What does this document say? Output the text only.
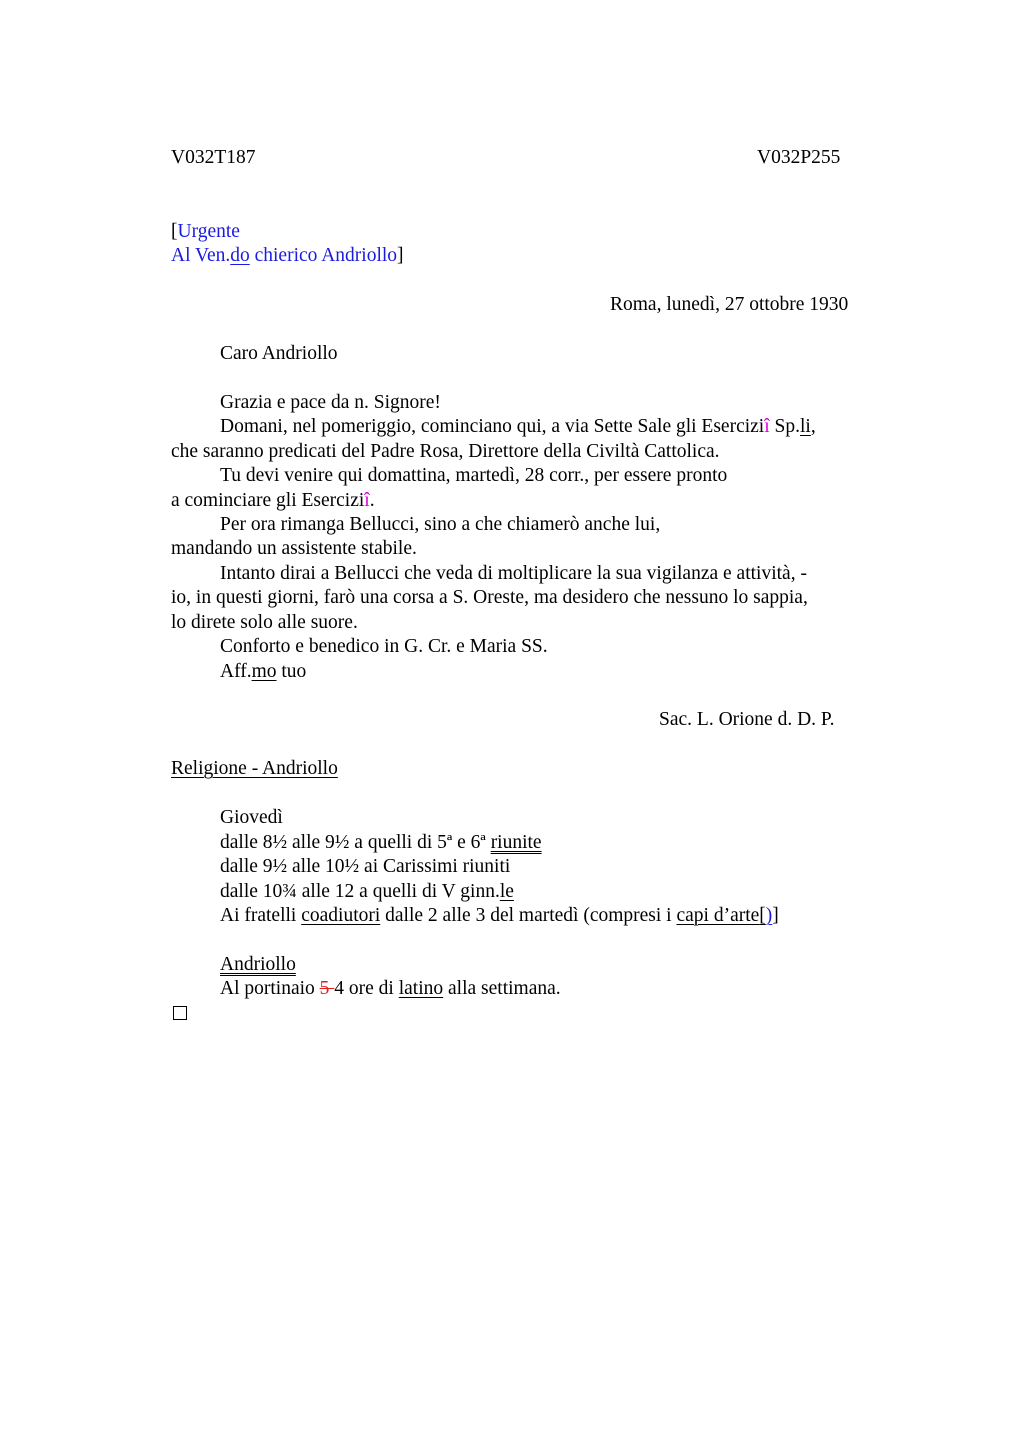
V032T187	V032P255
[Urgente
Al Ven.do chierico Andriollo]
Roma, lunedì, 27 ottobre 1930
Caro Andriollo
Grazia e pace da n. Signore!
Domani, nel pomeriggio, cominciano qui, a via Sette Sale gli Eserciziî Sp.li,
che saranno predicati del Padre Rosa, Direttore della Civiltà Cattolica.
Tu devi venire qui domattina, martedì, 28 corr., per essere pronto
a cominciare gli Eserciziî.
Per ora rimanga Bellucci, sino a che chiamerò anche lui,
mandando un assistente stabile.
Intanto dirai a Bellucci che veda di moltiplicare la sua vigilanza e attività, -
io, in questi giorni, farò una corsa a S. Oreste, ma desidero che nessuno lo sappia,
lo direte solo alle suore.
Conforto e benedico in G. Cr. e Maria SS.
Aff.mo tuo
Sac. L. Orione d. D. P.
Religione - Andriollo
Giovedì
dalle 8½ alle 9½ a quelli di 5ª e 6ª riunite
dalle 9½ alle 10½ ai Carissimi riuniti
dalle 10¾ alle 12 a quelli di V ginn.le
Ai fratelli coadiutori dalle 2 alle 3 del martedì (compresi i capi d’arte[)]
Andriollo
Al portinaio 5 4 ore di latino alla settimana.
